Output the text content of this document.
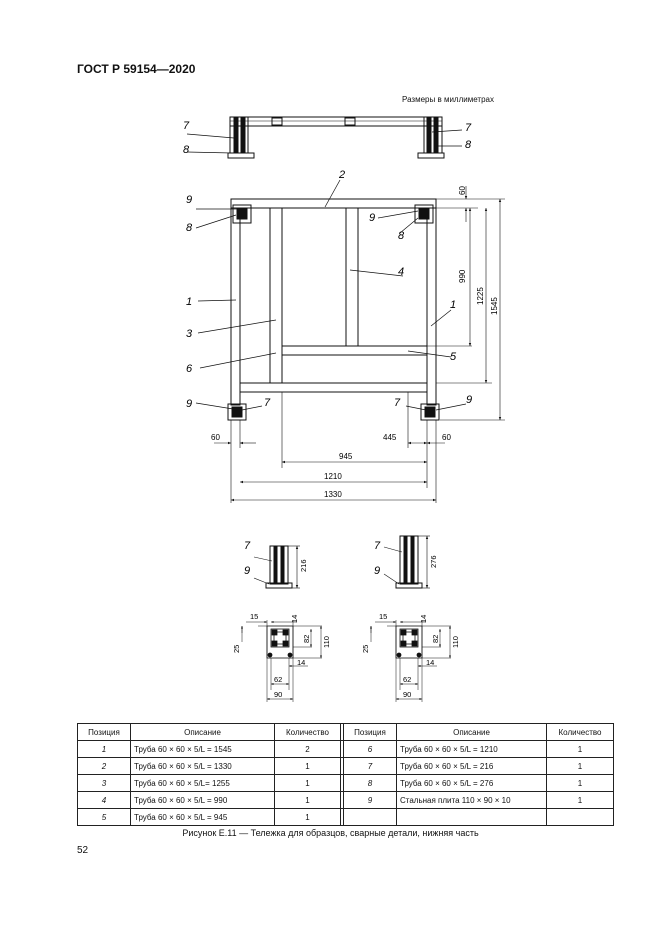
ГОСТ Р 59154—2020
Размеры в миллиметрах
7
8
7
8
2
9
8
9
8
4
1	1
3
5
6
9	7	7	9
60
990
1225
1545
60	445	60
945
1210
1330
7
9	216
7
9
276
15	14
82 110
25
14
62
90
15	14
82 110
25
14
62
90
Позиция	Описание	Количество		Позиция	Описание	Количество
1	Труба 60 × 60 × 5/L = 1545	2		6	Труба 60 × 60 × 5/L = 1210	1
2	Труба 60 × 60 × 5/L = 1330	1		7	Труба 60 × 60 × 5/L = 216	1
3	Труба 60 × 60 × 5/L= 1255	1		8	Труба 60 × 60 × 5/L = 276	1
4	Труба 60 × 60 × 5/L = 990	1		9	Стальная плита 110 × 90 × 10	1
5	Труба 60 × 60 × 5/L = 945	1				
Рисунок Е.11 — Тележка для образцов, сварные детали, нижняя часть
52
